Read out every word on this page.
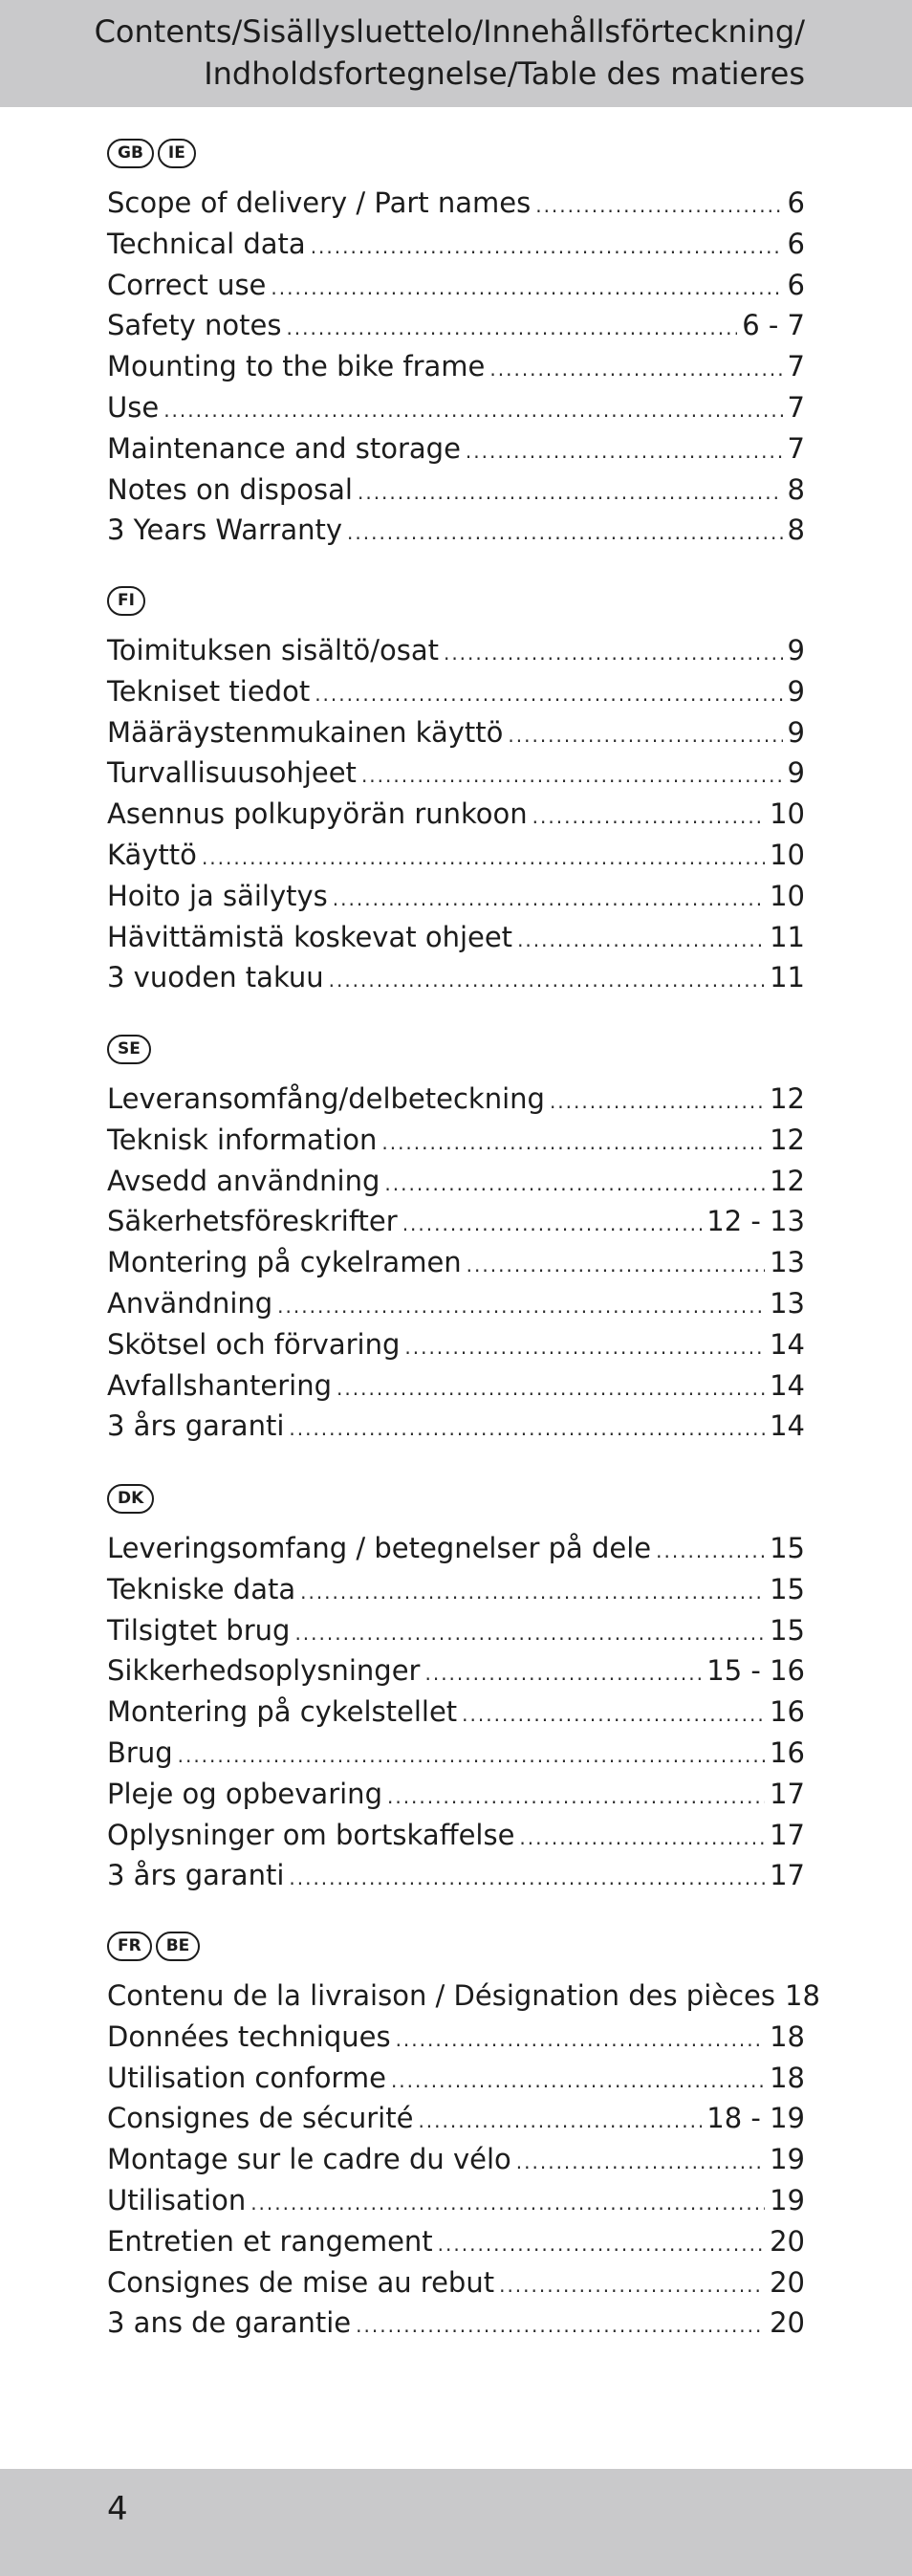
Contents/Sisällysluettelo/Innehållsförteckning/
Indholdsfortegnelse/Table des matieres
GB	IE
Scope of delivery / Part names .....	6
Technical data .....	6
Correct use .....	6
Safety notes .....	6 - 7
Mounting to the bike frame .....	7
Use .....	7
Maintenance and storage .....	7
Notes on disposal .....	8
3 Years Warranty .....	8
FI
Toimituksen sisältö/osat .....	9
Tekniset tiedot .....	9
Määräystenmukainen käyttö .....	9
Turvallisuusohjeet .....	9
Asennus polkupyörän runkoon .....	10
Käyttö .....	10
Hoito ja säilytys .....	10
Hävittämistä koskevat ohjeet .....	11
3 vuoden takuu .....	11
SE
Leveransomfång/delbeteckning .....	12
Teknisk information .....	12
Avsedd användning .....	12
Säkerhetsföreskrifter .....	12 - 13
Montering på cykelramen .....	13
Användning .....	13
Skötsel och förvaring .....	14
Avfallshantering .....	14
3 års garanti .....	14
DK
Leveringsomfang / betegnelser på dele .....	15
Tekniske data .....	15
Tilsigtet brug .....	15
Sikkerhedsoplysninger .....	15 - 16
Montering på cykelstellet .....	16
Brug .....	16
Pleje og opbevaring .....	17
Oplysninger om bortskaffelse .....	17
3 års garanti .....	17
FR	BE
Contenu de la livraison / Désignation des pièces 18
Données techniques .....	18
Utilisation conforme .....	18
Consignes de sécurité .....	18 - 19
Montage sur le cadre du vélo .....	19
Utilisation .....	19
Entretien et rangement .....	20
Consignes de mise au rebut .....	20
3 ans de garantie .....	20
4
